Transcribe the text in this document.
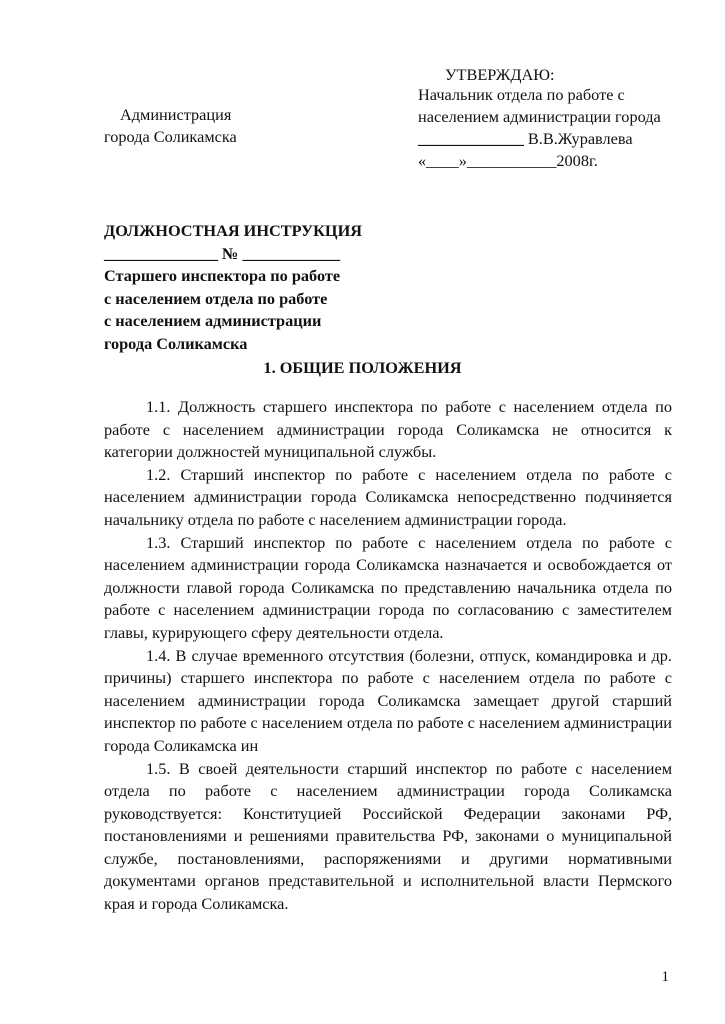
УТВЕРЖДАЮ:
Начальник отдела по работе с
населением администрации города
_____________ В.В.Журавлева
«____»___________2008г.
Администрация
города Соликамска
ДОЛЖНОСТНАЯ ИНСТРУКЦИЯ
______________ № ____________
Старшего инспектора по работе
с населением отдела по работе
с населением администрации
города Соликамска
1. ОБЩИЕ ПОЛОЖЕНИЯ

1.1. Должность старшего инспектора по работе с населением отдела по работе с населением администрации города Соликамска не относится к категории должностей муниципальной службы.

1.2. Старший инспектор по работе с населением отдела по работе с населением администрации города Соликамска непосредственно подчиняется начальнику отдела по работе с населением администрации города.

1.3. Старший инспектор по работе с населением отдела по работе с населением администрации города Соликамска назначается и освобождается от должности главой города Соликамска по представлению начальника отдела по работе с населением администрации города по согласованию с заместителем главы, курирующего сферу деятельности отдела.

1.4. В случае временного отсутствия (болезни, отпуск, командировка и др. причины) старшего инспектора по работе с населением отдела по работе с населением администрации города Соликамска замещает другой старший инспектор по работе с населением отдела по работе с населением администрации города Соликамска ин

1.5. В своей деятельности старший инспектор по работе с населением отдела по работе с населением администрации города Соликамска руководствуется: Конституцией Российской Федерации законами РФ, постановлениями и решениями правительства РФ, законами о муниципальной службе, постановлениями, распоряжениями и другими нормативными документами органов представительной и исполнительной власти Пермского края и города Соликамска.

1
